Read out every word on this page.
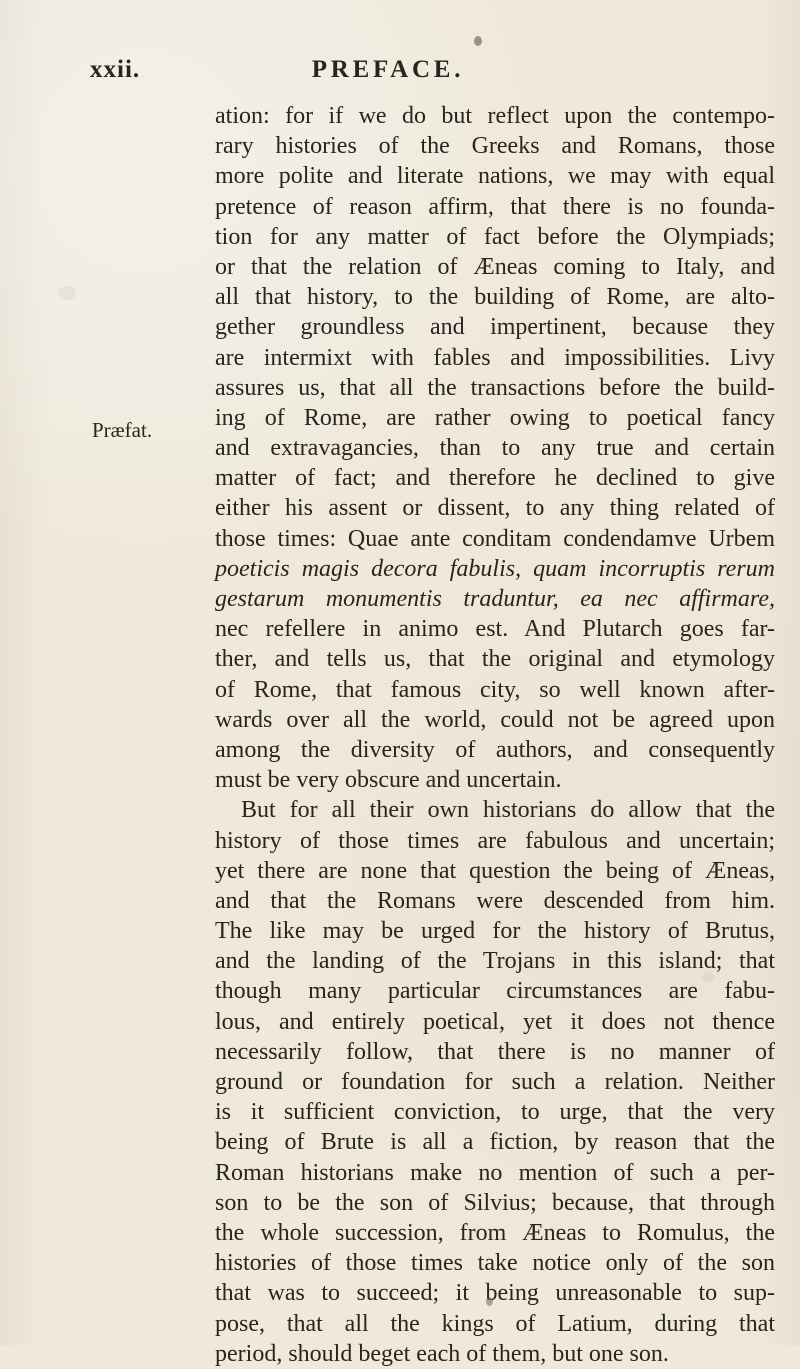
xxii.	PREFACE.
Præfat.
ation: for if we do but reflect upon the contempo-
rary histories of the Greeks and Romans, those
more polite and literate nations, we may with equal
pretence of reason affirm, that there is no founda-
tion for any matter of fact before the Olympiads;
or that the relation of Æneas coming to Italy, and
all that history, to the building of Rome, are alto-
gether groundless and impertinent, because they
are intermixt with fables and impossibilities. Livy
assures us, that all the transactions before the build-
ing of Rome, are rather owing to poetical fancy
and extravagancies, than to any true and certain
matter of fact; and therefore he declined to give
either his assent or dissent, to any thing related of
those times: Quae ante conditam condendamve Urbem
poeticis magis decora fabulis, quam incorruptis rerum
gestarum monumentis traduntur, ea nec affirmare,
nec refellere in animo est. And Plutarch goes far-
ther, and tells us, that the original and etymology
of Rome, that famous city, so well known after-
wards over all the world, could not be agreed upon
among the diversity of authors, and consequently
must be very obscure and uncertain.
But for all their own historians do allow that the
history of those times are fabulous and uncertain;
yet there are none that question the being of Æneas,
and that the Romans were descended from him.
The like may be urged for the history of Brutus,
and the landing of the Trojans in this island; that
though many particular circumstances are fabu-
lous, and entirely poetical, yet it does not thence
necessarily follow, that there is no manner of
ground or foundation for such a relation. Neither
is it sufficient conviction, to urge, that the very
being of Brute is all a fiction, by reason that the
Roman historians make no mention of such a per-
son to be the son of Silvius; because, that through
the whole succession, from Æneas to Romulus, the
histories of those times take notice only of the son
that was to succeed; it being unreasonable to sup-
pose, that all the kings of Latium, during that
period, should beget each of them, but one son.
